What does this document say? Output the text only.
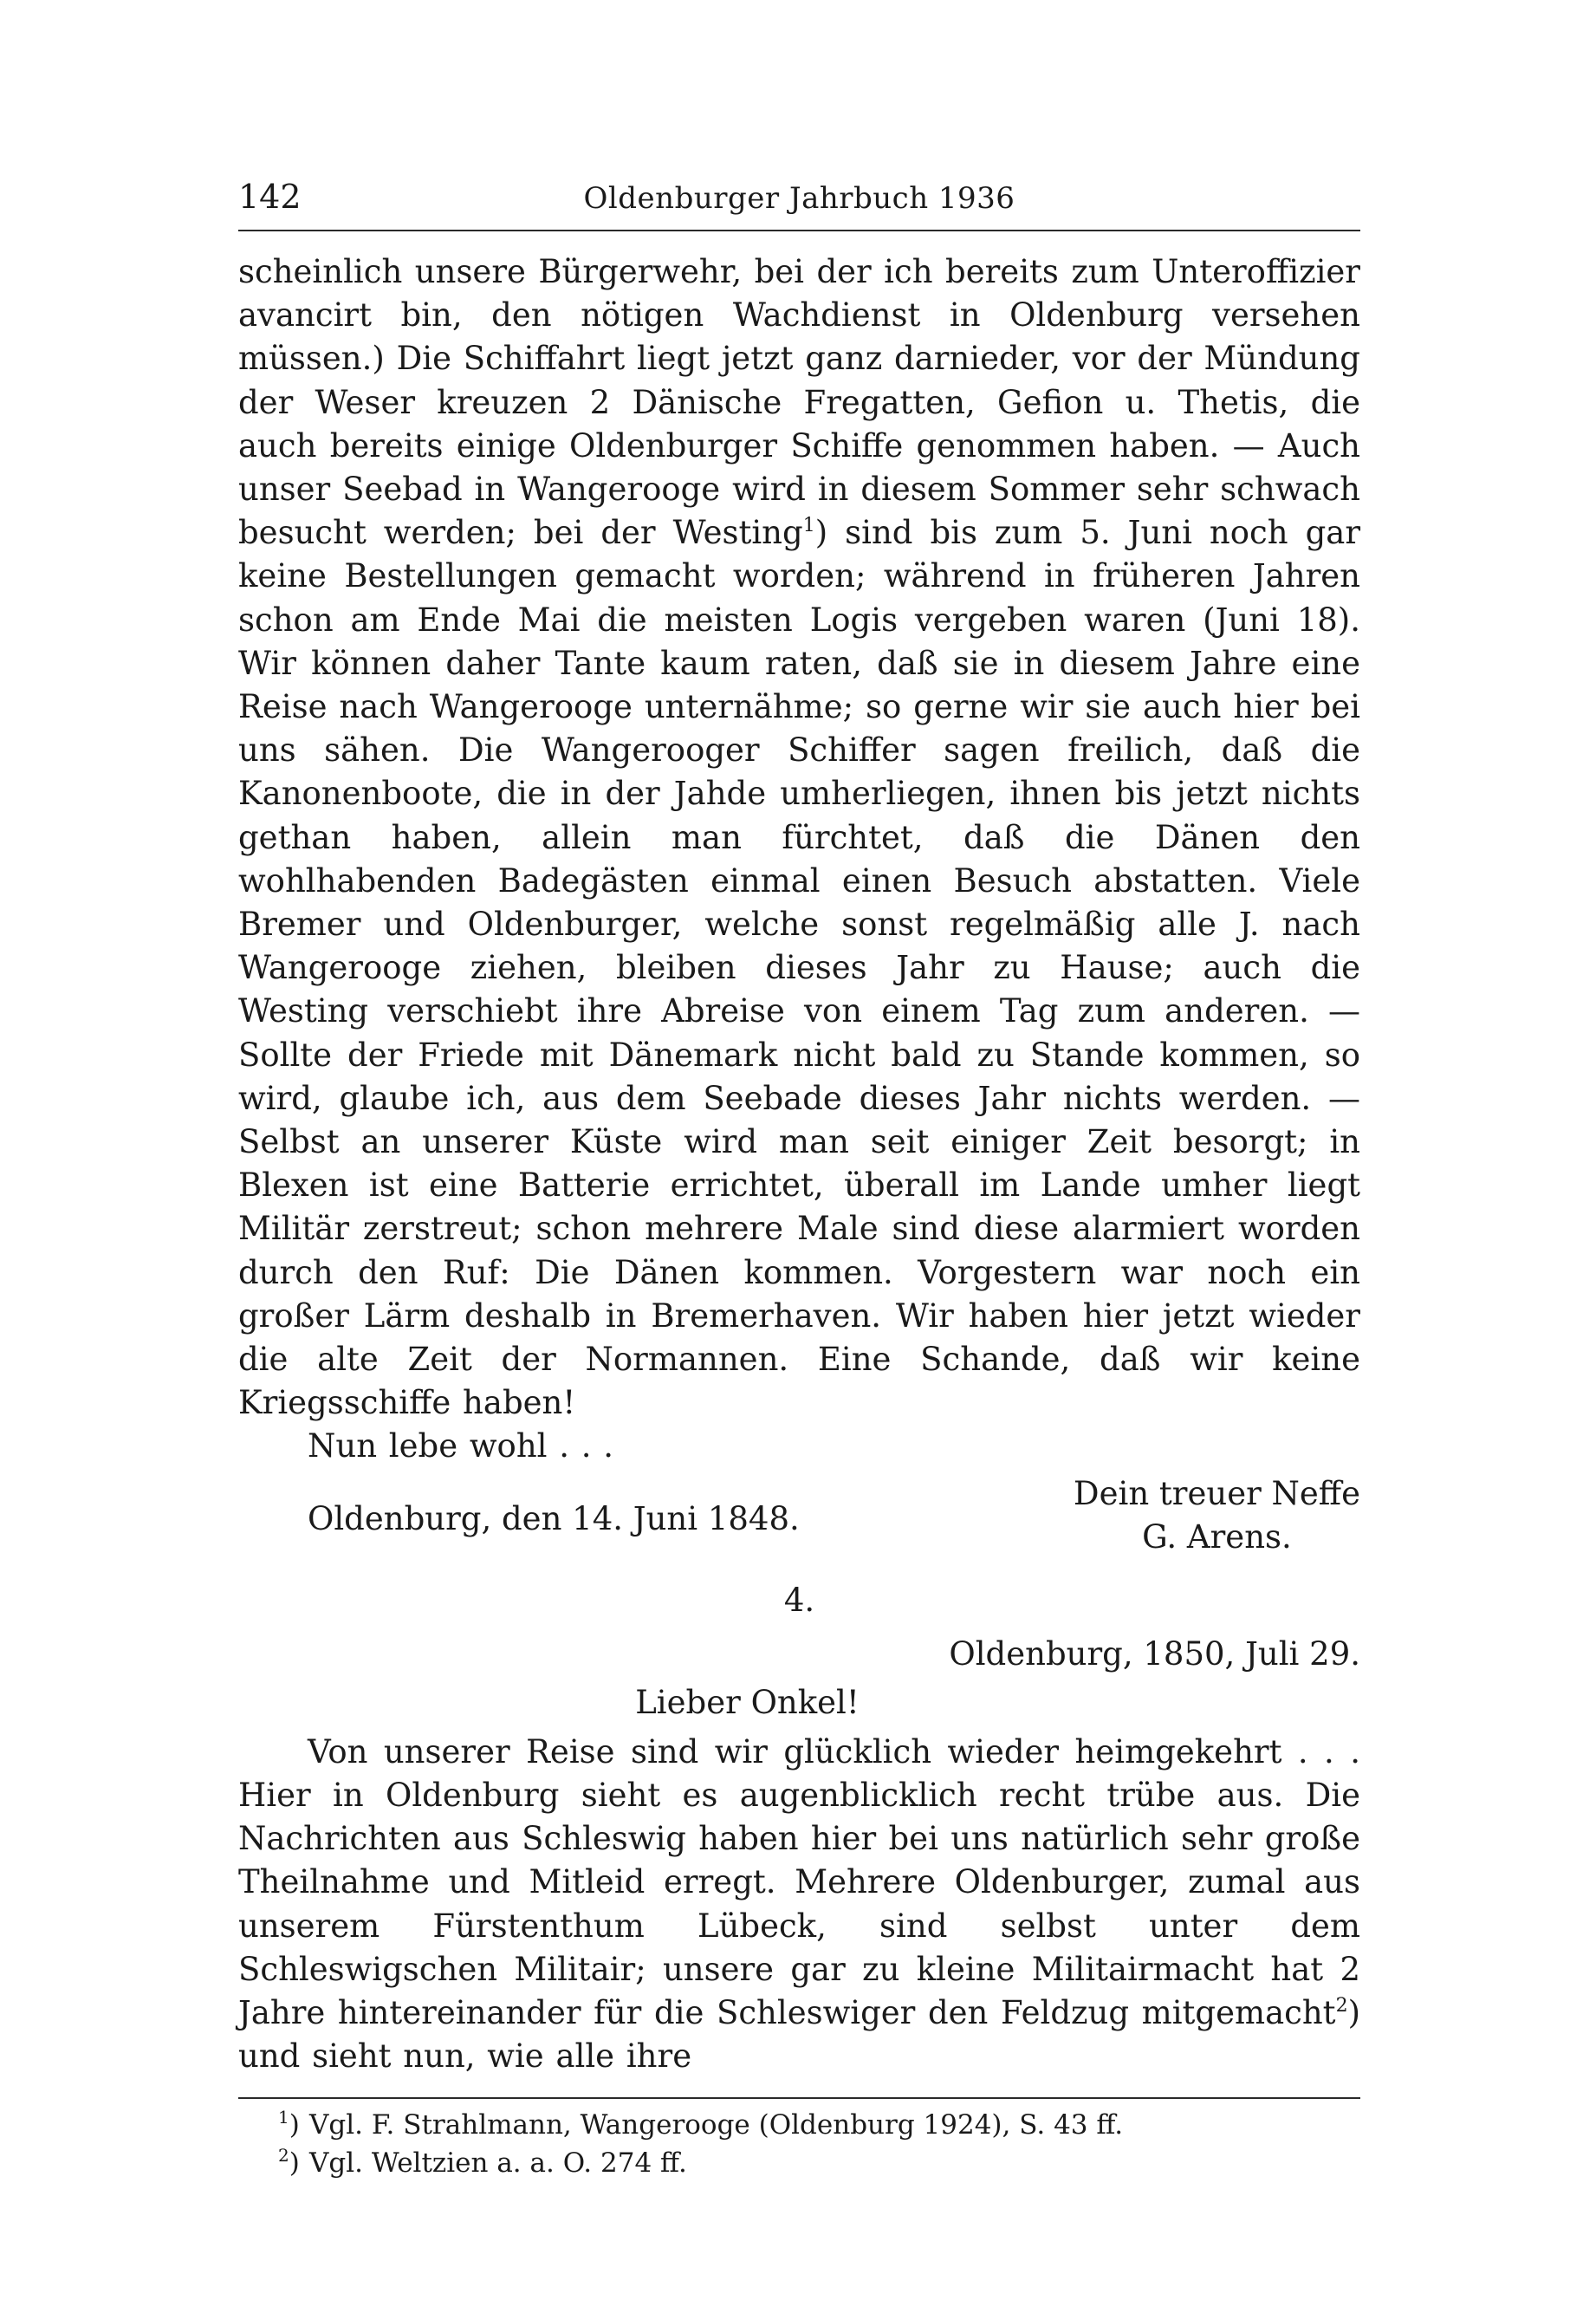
142	Oldenburger Jahrbuch 1936

scheinlich unsere Bürgerwehr, bei der ich bereits zum Unteroffizier avancirt bin, den nötigen Wachdienst in Oldenburg versehen müssen.) Die Schiffahrt liegt jetzt ganz darnieder, vor der Mündung der Weser kreuzen 2 Dänische Fregatten, Gefion u. Thetis, die auch bereits einige Oldenburger Schiffe genommen haben. — Auch unser Seebad in Wangerooge wird in diesem Sommer sehr schwach besucht werden; bei der Westing$^1$) sind bis zum 5. Juni noch gar keine Bestellungen gemacht worden; während in früheren Jahren schon am Ende Mai die meisten Logis vergeben waren (Juni 18). Wir können daher Tante kaum raten, daß sie in diesem Jahre eine Reise nach Wangerooge unternähme; so gerne wir sie auch hier bei uns sähen. Die Wangerooger Schiffer sagen freilich, daß die Kanonenboote, die in der Jahde umherliegen, ihnen bis jetzt nichts gethan haben, allein man fürchtet, daß die Dänen den wohlhabenden Badegästen einmal einen Besuch abstatten. Viele Bremer und Oldenburger, welche sonst regelmäßig alle J. nach Wangerooge ziehen, bleiben dieses Jahr zu Hause; auch die Westing verschiebt ihre Abreise von einem Tag zum anderen. — Sollte der Friede mit Dänemark nicht bald zu Stande kommen, so wird, glaube ich, aus dem Seebade dieses Jahr nichts werden. — Selbst an unserer Küste wird man seit einiger Zeit besorgt; in Blexen ist eine Batterie errichtet, überall im Lande umher liegt Militär zerstreut; schon mehrere Male sind diese alarmiert worden durch den Ruf: Die Dänen kommen. Vorgestern war noch ein großer Lärm deshalb in Bremerhaven. Wir haben hier jetzt wieder die alte Zeit der Normannen. Eine Schande, daß wir keine Kriegsschiffe haben!

Nun lebe wohl . . .

Oldenburg, den 14. Juni 1848.
Dein treuer Neffe
G. Arens.
4.
Oldenburg, 1850, Juli 29.
Lieber Onkel!

Von unserer Reise sind wir glücklich wieder heimgekehrt . . . Hier in Oldenburg sieht es augenblicklich recht trübe aus. Die Nachrichten aus Schleswig haben hier bei uns natürlich sehr große Theilnahme und Mitleid erregt. Mehrere Oldenburger, zumal aus unserem Fürstenthum Lübeck, sind selbst unter dem Schleswigschen Militair; unsere gar zu kleine Militairmacht hat 2 Jahre hintereinander für die Schleswiger den Feldzug mitgemacht$^2$) und sieht nun, wie alle ihre

$^1$) Vgl. F. Strahlmann, Wangerooge (Oldenburg 1924), S. 43 ff.
$^2$) Vgl. Weltzien a. a. O. 274 ff.
